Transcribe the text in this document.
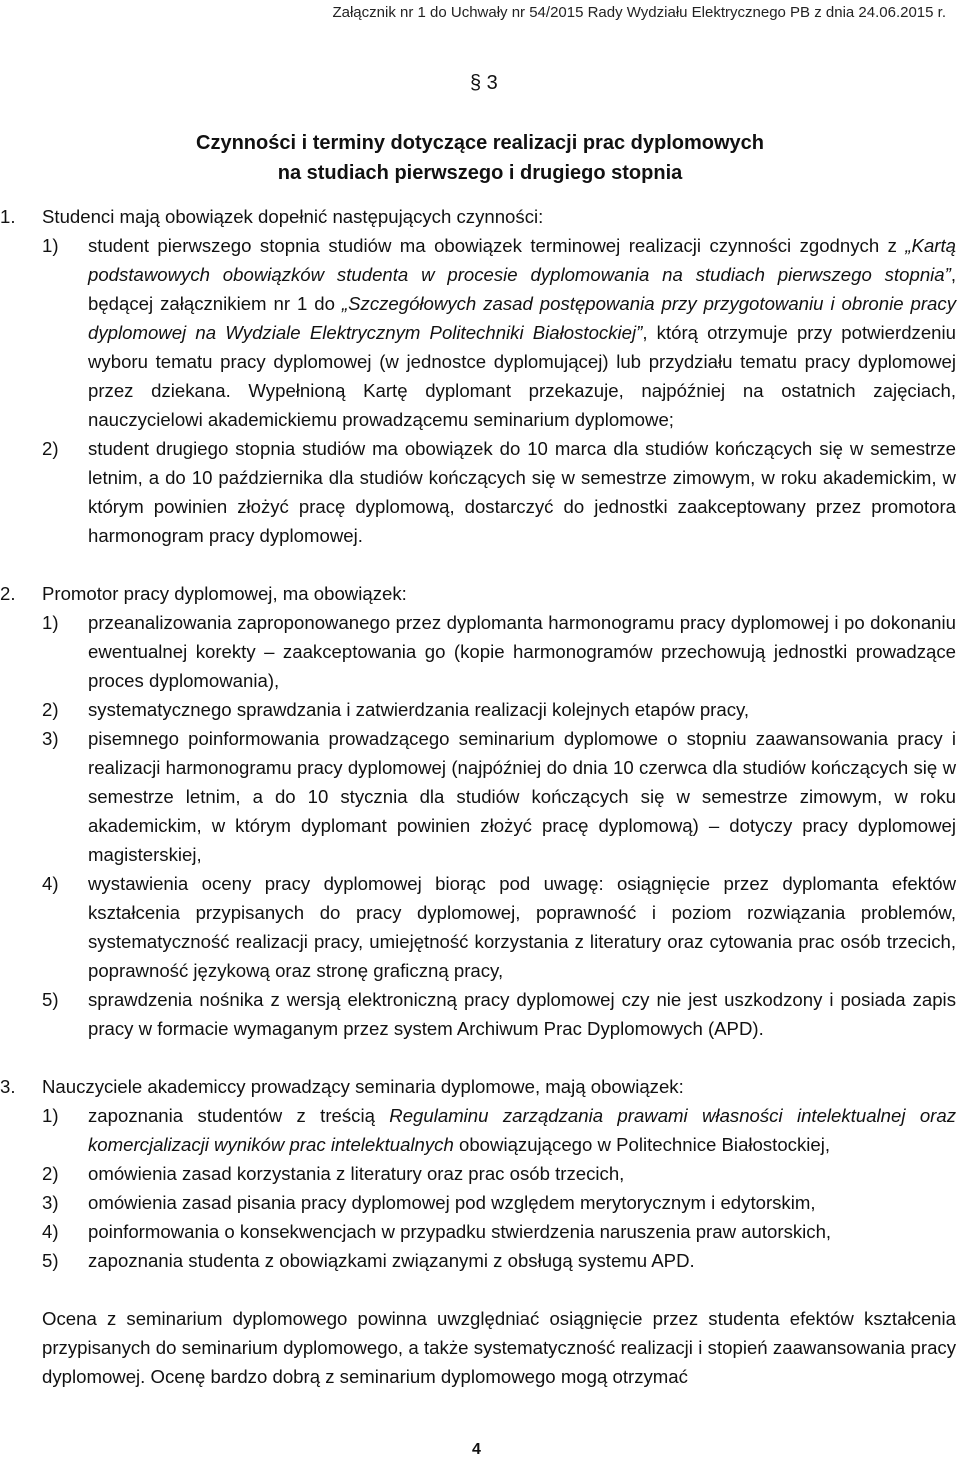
Załącznik nr 1 do Uchwały nr 54/2015 Rady Wydziału Elektrycznego PB z dnia 24.06.2015 r.
§ 3
Czynności i terminy dotyczące realizacji prac dyplomowych
na studiach pierwszego i drugiego stopnia
1. Studenci mają obowiązek dopełnić następujących czynności:
1) student pierwszego stopnia studiów ma obowiązek terminowej realizacji czynności zgodnych z „Kartą podstawowych obowiązków studenta w procesie dyplomowania na studiach pierwszego stopnia”, będącej załącznikiem nr 1 do „Szczegółowych zasad postępowania przy przygotowaniu i obronie pracy dyplomowej na Wydziale Elektrycznym Politechniki Białostockiej”, którą otrzymuje przy potwierdzeniu wyboru tematu pracy dyplomowej (w jednostce dyplomującej) lub przydziału tematu pracy dyplomowej przez dziekana. Wypełnioną Kartę dyplomant przekazuje, najpóźniej na ostatnich zajęciach, nauczycielowi akademickiemu prowadzącemu seminarium dyplomowe;
2) student drugiego stopnia studiów ma obowiązek do 10 marca dla studiów kończących się w semestrze letnim, a do 10 października dla studiów kończących się w semestrze zimowym, w roku akademickim, w którym powinien złożyć pracę dyplomową, dostarczyć do jednostki zaakceptowany przez promotora harmonogram pracy dyplomowej.
2. Promotor pracy dyplomowej, ma obowiązek:
1) przeanalizowania zaproponowanego przez dyplomanta harmonogramu pracy dyplomowej i po dokonaniu ewentualnej korekty – zaakceptowania go (kopie harmonogramów przechowują jednostki prowadzące proces dyplomowania),
2) systematycznego sprawdzania i zatwierdzania realizacji kolejnych etapów pracy,
3) pisemnego poinformowania prowadzącego seminarium dyplomowe o stopniu zaawansowania pracy i realizacji harmonogramu pracy dyplomowej (najpóźniej do dnia 10 czerwca dla studiów kończących się w semestrze letnim, a do 10 stycznia dla studiów kończących się w semestrze zimowym, w roku akademickim, w którym dyplomant powinien złożyć pracę dyplomową) – dotyczy pracy dyplomowej magisterskiej,
4) wystawienia oceny pracy dyplomowej biorąc pod uwagę: osiągnięcie przez dyplomanta efektów kształcenia przypisanych do pracy dyplomowej, poprawność i poziom rozwiązania problemów, systematyczność realizacji pracy, umiejętność korzystania z literatury oraz cytowania prac osób trzecich, poprawność językową oraz stronę graficzną pracy,
5) sprawdzenia nośnika z wersją elektroniczną pracy dyplomowej czy nie jest uszkodzony i posiada zapis pracy w formacie wymaganym przez system Archiwum Prac Dyplomowych (APD).
3. Nauczyciele akademiccy prowadzący seminaria dyplomowe, mają obowiązek:
1) zapoznania studentów z treścią Regulaminu zarządzania prawami własności intelektualnej oraz komercjalizacji wyników prac intelektualnych obowiązującego w Politechnice Białostockiej,
2) omówienia zasad korzystania z literatury oraz prac osób trzecich,
3) omówienia zasad pisania pracy dyplomowej pod względem merytorycznym i edytorskim,
4) poinformowania o konsekwencjach w przypadku stwierdzenia naruszenia praw autorskich,
5) zapoznania studenta z obowiązkami związanymi z obsługą systemu APD.
Ocena z seminarium dyplomowego powinna uwzględniać osiągnięcie przez studenta efektów kształcenia przypisanych do seminarium dyplomowego, a także systematyczność realizacji i stopień zaawansowania pracy dyplomowej. Ocenę bardzo dobrą z seminarium dyplomowego mogą otrzymać
4
